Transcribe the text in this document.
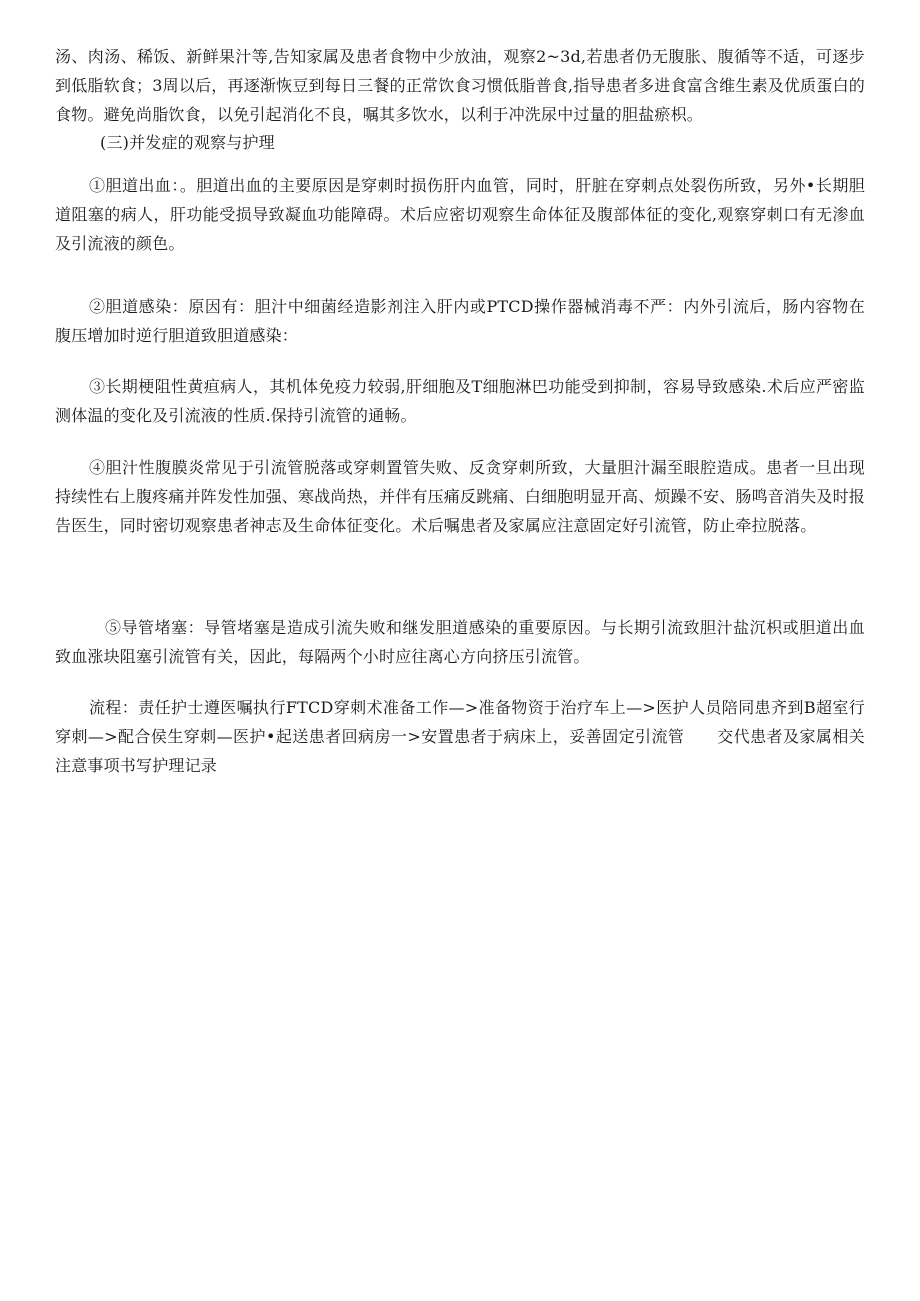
汤、肉汤、稀饭、新鲜果汁等,告知家属及患者食物中少放油，观察2~3d,若患者仍无腹胀、腹循等不适，可逐步到低脂软食；3周以后，再逐渐恢豆到每日三餐的正常饮食习惯低脂普食,指导患者多进食富含维生素及优质蛋白的食物。避免尚脂饮食，以免引起消化不良，嘱其多饮水，以利于冲洗尿中过量的胆盐瘀枳。
(三)并发症的观察与护理
①胆道出血：。胆道出血的主要原因是穿刺时损伤肝内血管，同时，肝脏在穿刺点处裂伤所致，另外•长期胆道阻塞的病人，肝功能受损导致凝血功能障碍。术后应密切观察生命体征及腹部体征的变化,观察穿刺口有无渗血及引流液的颜色。
②胆道感染：原因有：胆汁中细菌经造影剂注入肝内或PTCD操作器械消毒不严：内外引流后，肠内容物在腹压增加时逆行胆道致胆道感染：
③长期梗阻性黄疸病人，其机体免疫力较弱,肝细胞及T细胞淋巴功能受到抑制，容易导致感染.术后应严密监测体温的变化及引流液的性质.保持引流管的通畅。
④胆汁性腹膜炎常见于引流管脱落或穿刺置管失败、反贪穿刺所致，大量胆汁漏至眼腔造成。患者一旦出现持续性右上腹疼痛并阵发性加强、寒战尚热，并伴有压痛反跳痛、白细胞明显开高、烦躁不安、肠鸣音消失及时报告医生，同时密切观察患者神志及生命体征变化。术后嘱患者及家属应注意固定好引流管，防止牵拉脱落。
⑤导管堵塞：导管堵塞是造成引流失败和继发胆道感染的重要原因。与长期引流致胆汁盐沉枳或胆道出血致血涨块阻塞引流管有关，因此，每隔两个小时应往离心方向挤压引流管。
流程：责任护士遵医嘱执行FTCD穿刺术准备工作—>准备物资于治疗车上—>医护人员陪同患齐到B超室行穿刺—>配合侯生穿刺—医护•起送患者回病房一>安置患者于病床上，妥善固定引流管　　交代患者及家属相关注意事项书写护理记录
